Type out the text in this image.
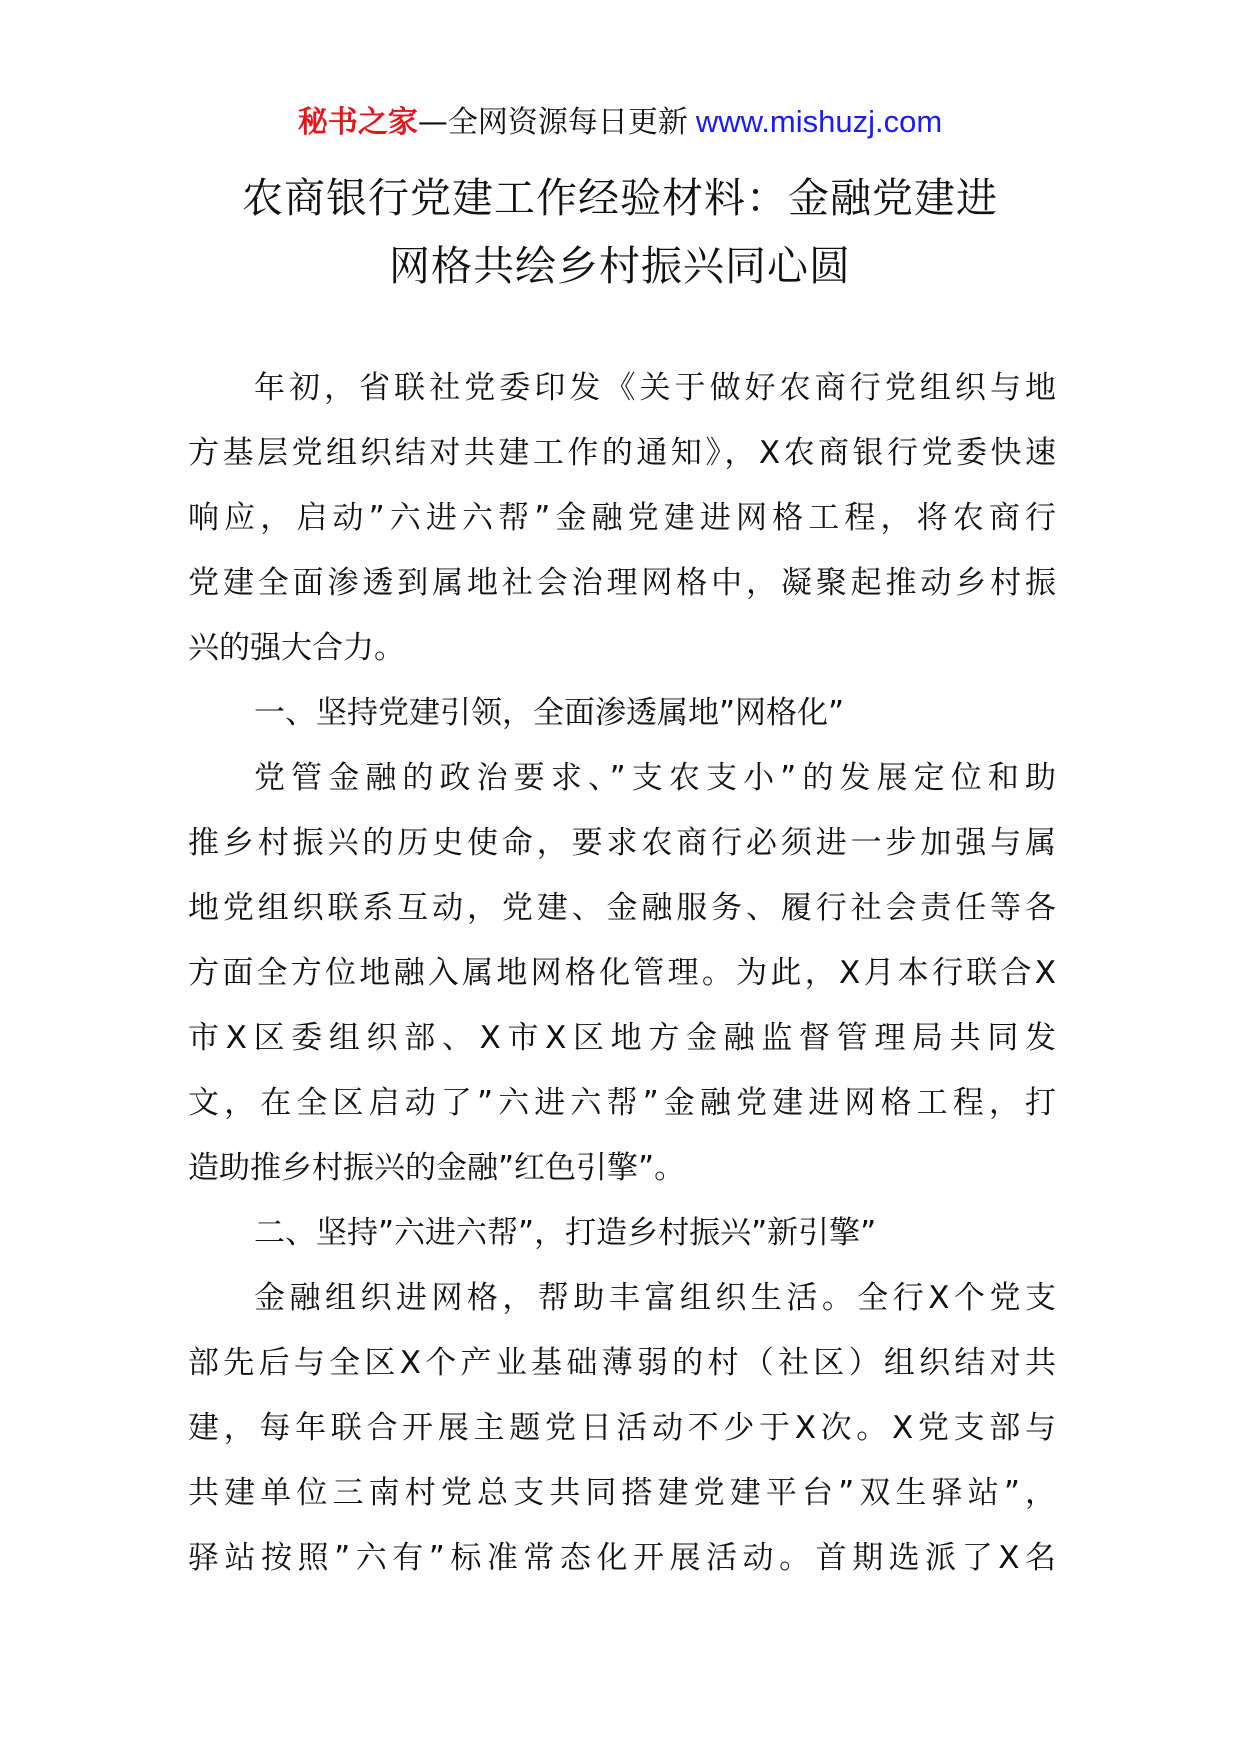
秘书之家—全网资源每日更新 www.mishuzj.com
农商银行党建工作经验材料：金融党建进
网格共绘乡村振兴同心圆
年初，省联社党委印发《关于做好农商行党组织与地
方基层党组织结对共建工作的通知》，X农商银行党委快速
响应，启动”六进六帮”金融党建进网格工程，将农商行
党建全面渗透到属地社会治理网格中，凝聚起推动乡村振
兴的强大合力。
一、坚持党建引领，全面渗透属地”网格化”
党管金融的政治要求、”支农支小”的发展定位和助
推乡村振兴的历史使命，要求农商行必须进一步加强与属
地党组织联系互动，党建、金融服务、履行社会责任等各
方面全方位地融入属地网格化管理。为此，X月本行联合X
市X区委组织部、X市X区地方金融监督管理局共同发
文，在全区启动了”六进六帮”金融党建进网格工程，打
造助推乡村振兴的金融”红色引擎”。
二、坚持”六进六帮”，打造乡村振兴”新引擎”
金融组织进网格，帮助丰富组织生活。全行X个党支
部先后与全区X个产业基础薄弱的村（社区）组织结对共
建，每年联合开展主题党日活动不少于X次。X党支部与
共建单位三南村党总支共同搭建党建平台”双生驿站”，
驿站按照”六有”标准常态化开展活动。首期选派了X名
